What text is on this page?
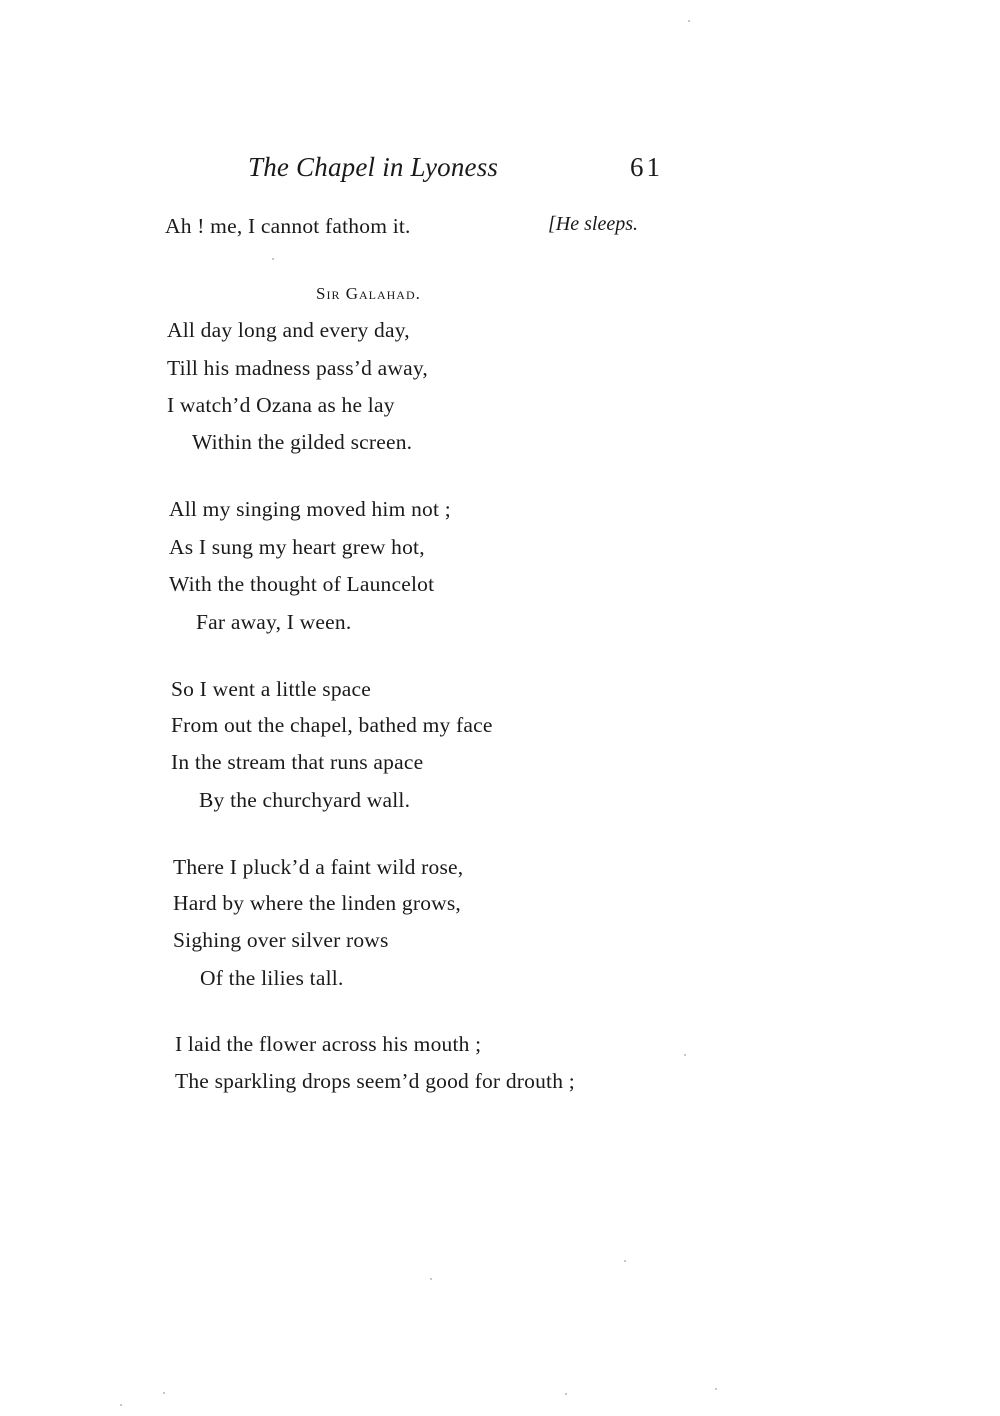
The Chapel in Lyoness	61
Ah ! me, I cannot fathom it.	[He sleeps.
Sir Galahad.
All day long and every day,
Till his madness pass’d away,
I watch’d Ozana as he lay
Within the gilded screen.
All my singing moved him not ;
As I sung my heart grew hot,
With the thought of Launcelot
Far away, I ween.
So I went a little space
From out the chapel, bathed my face
In the stream that runs apace
By the churchyard wall.
There I pluck’d a faint wild rose,
Hard by where the linden grows,
Sighing over silver rows
Of the lilies tall.
I laid the flower across his mouth ;
The sparkling drops seem’d good for drouth ;
